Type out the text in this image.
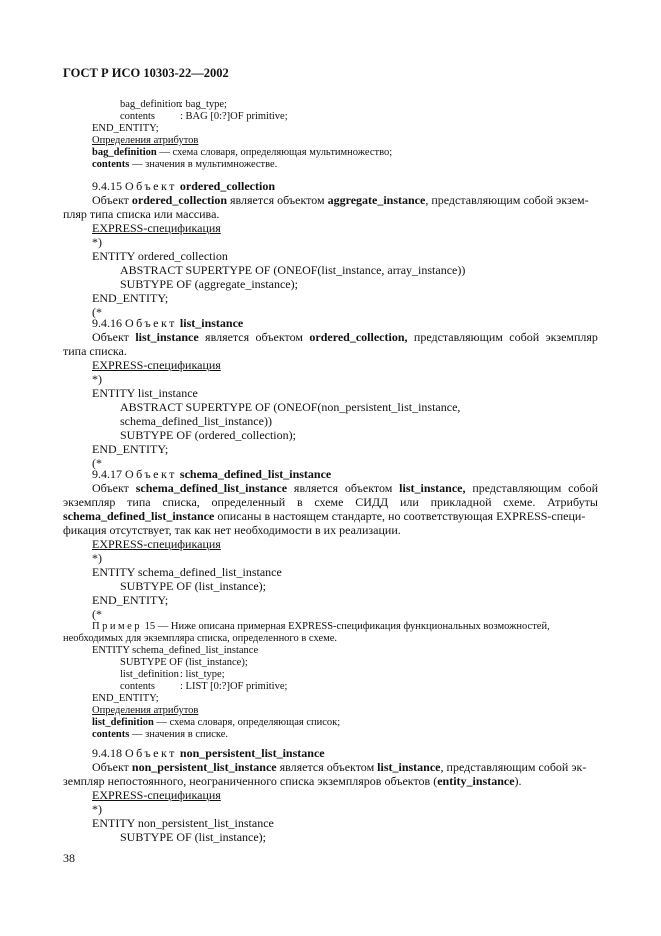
ГОСТ Р ИСО 10303-22—2002
bag_definition
: bag_type;
contents : BAG [0:?]OF primitive;
END_ENTITY;
Определения атрибутов
bag_definition — схема словаря, определяющая мультимножество;
contents — значения в мультимножестве.
9.4.15 Объект ordered_collection
Объект ordered_collection является объектом aggregate_instance, представляющим собой экзем-
пляр типа списка или массива.
EXPRESS-спецификация
*)
ENTITY ordered_collection
ABSTRACT SUPERTYPE OF (ONEOF(list_instance, array_instance))
SUBTYPE OF (aggregate_instance);
END_ENTITY;
(*
9.4.16 Объект list_instance
Объект list_instance является объектом ordered_collection, представляющим собой экземпляр
типа списка.
EXPRESS-спецификация
*)
ENTITY list_instance
ABSTRACT SUPERTYPE OF (ONEOF(non_persistent_list_instance,
schema_defined_list_instance))
SUBTYPE OF (ordered_collection);
END_ENTITY;
(*
9.4.17 Объект schema_defined_list_instance
Объект schema_defined_list_instance является объектом list_instance, представляющим собой
экземпляр типа списка, определенный в схеме СИДД или прикладной схеме. Атрибуты
schema_defined_list_instance описаны в настоящем стандарте, но соответствующая EXPRESS-специ-
фикация отсутствует, так как нет необходимости в их реализации.
EXPRESS-спецификация
*)
ENTITY schema_defined_list_instance
SUBTYPE OF (list_instance);
END_ENTITY;
(*
Пример 15 — Ниже описана примерная EXPRESS-спецификация функциональных возможностей,
необходимых для экземпляра списка, определенного в схеме.
ENTITY schema_defined_list_instance
SUBTYPE OF (list_instance);
list_definition : list_type;
contents : LIST [0:?]OF primitive;
END_ENTITY;
Определения атрибутов
list_definition — схема словаря, определяющая список;
contents — значения в списке.
9.4.18 Объект non_persistent_list_instance
Объект non_persistent_list_instance является объектом list_instance, представляющим собой эк-
земпляр непостоянного, неограниченного списка экземпляров объектов (entity_instance).
EXPRESS-спецификация
*)
ENTITY non_persistent_list_instance
SUBTYPE OF (list_instance);
38
